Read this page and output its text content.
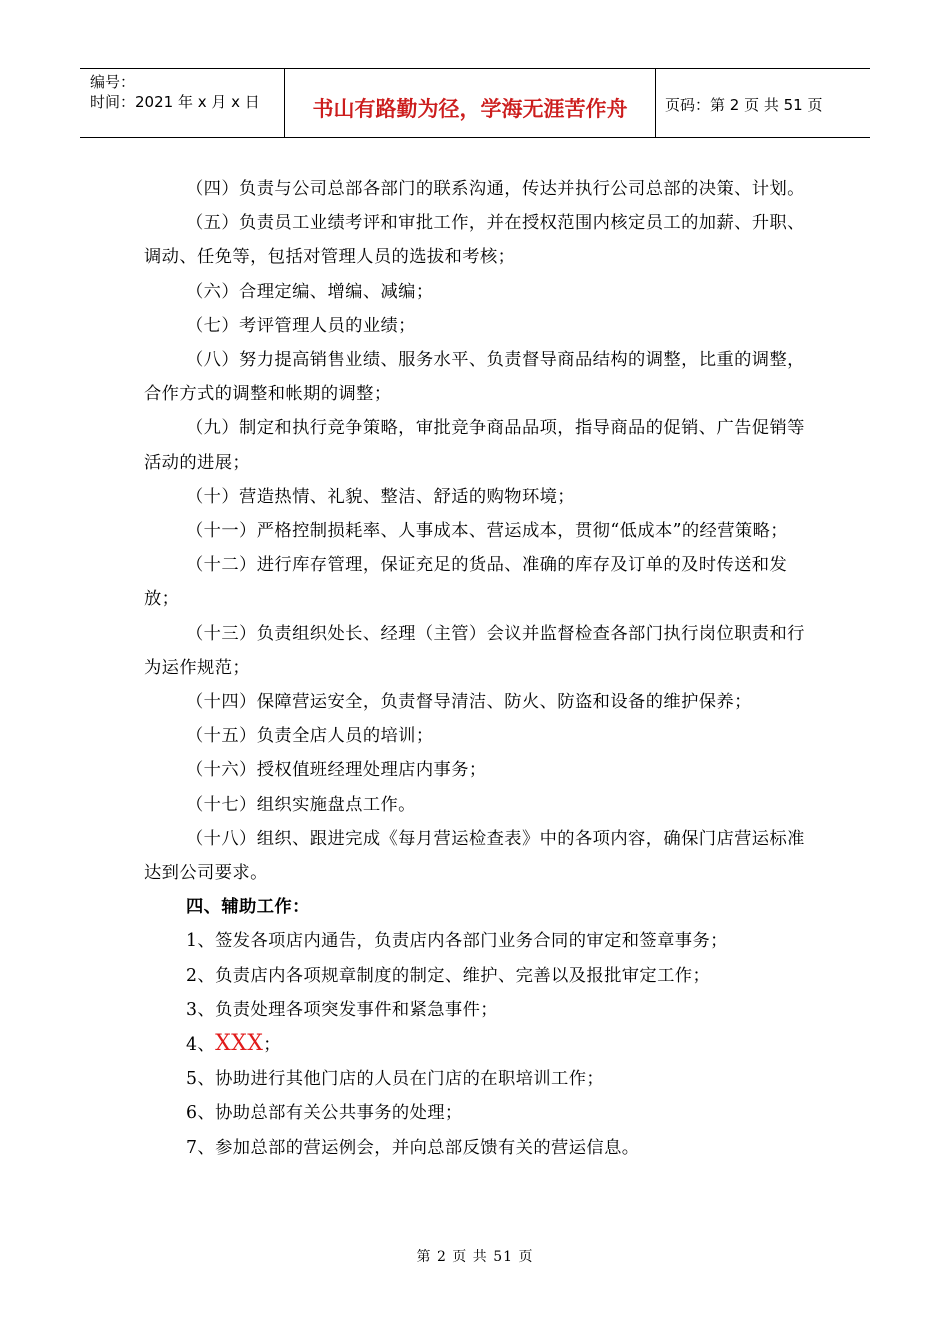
编号：
时间：2021 年 x 月 x 日	书山有路勤为径，学海无涯苦作舟	页码：第 2 页 共 51 页

（四）负责与公司总部各部门的联系沟通，传达并执行公司总部的决策、计划。

（五）负责员工业绩考评和审批工作，并在授权范围内核定员工的加薪、升职、调动、任免等，包括对管理人员的选拔和考核；

（六）合理定编、增编、减编；

（七）考评管理人员的业绩；

（八）努力提高销售业绩、服务水平、负责督导商品结构的调整，比重的调整，合作方式的调整和帐期的调整；

（九）制定和执行竞争策略，审批竞争商品品项，指导商品的促销、广告促销等活动的进展；

（十）营造热情、礼貌、整洁、舒适的购物环境；

（十一）严格控制损耗率、人事成本、营运成本，贯彻“低成本”的经营策略；

（十二）进行库存管理，保证充足的货品、准确的库存及订单的及时传送和发放；

（十三）负责组织处长、经理（主管）会议并监督检查各部门执行岗位职责和行为运作规范；

（十四）保障营运安全，负责督导清洁、防火、防盗和设备的维护保养；

（十五）负责全店人员的培训；

（十六）授权值班经理处理店内事务；

（十七）组织实施盘点工作。

（十八）组织、跟进完成《每月营运检查表》中的各项内容，确保门店营运标准达到公司要求。

四、辅助工作：

1、签发各项店内通告，负责店内各部门业务合同的审定和签章事务；

2、负责店内各项规章制度的制定、维护、完善以及报批审定工作；

3、负责处理各项突发事件和紧急事件；

4、XXX；

5、协助进行其他门店的人员在门店的在职培训工作；

6、协助总部有关公共事务的处理；

7、参加总部的营运例会，并向总部反馈有关的营运信息。

第 2 页 共 51 页
